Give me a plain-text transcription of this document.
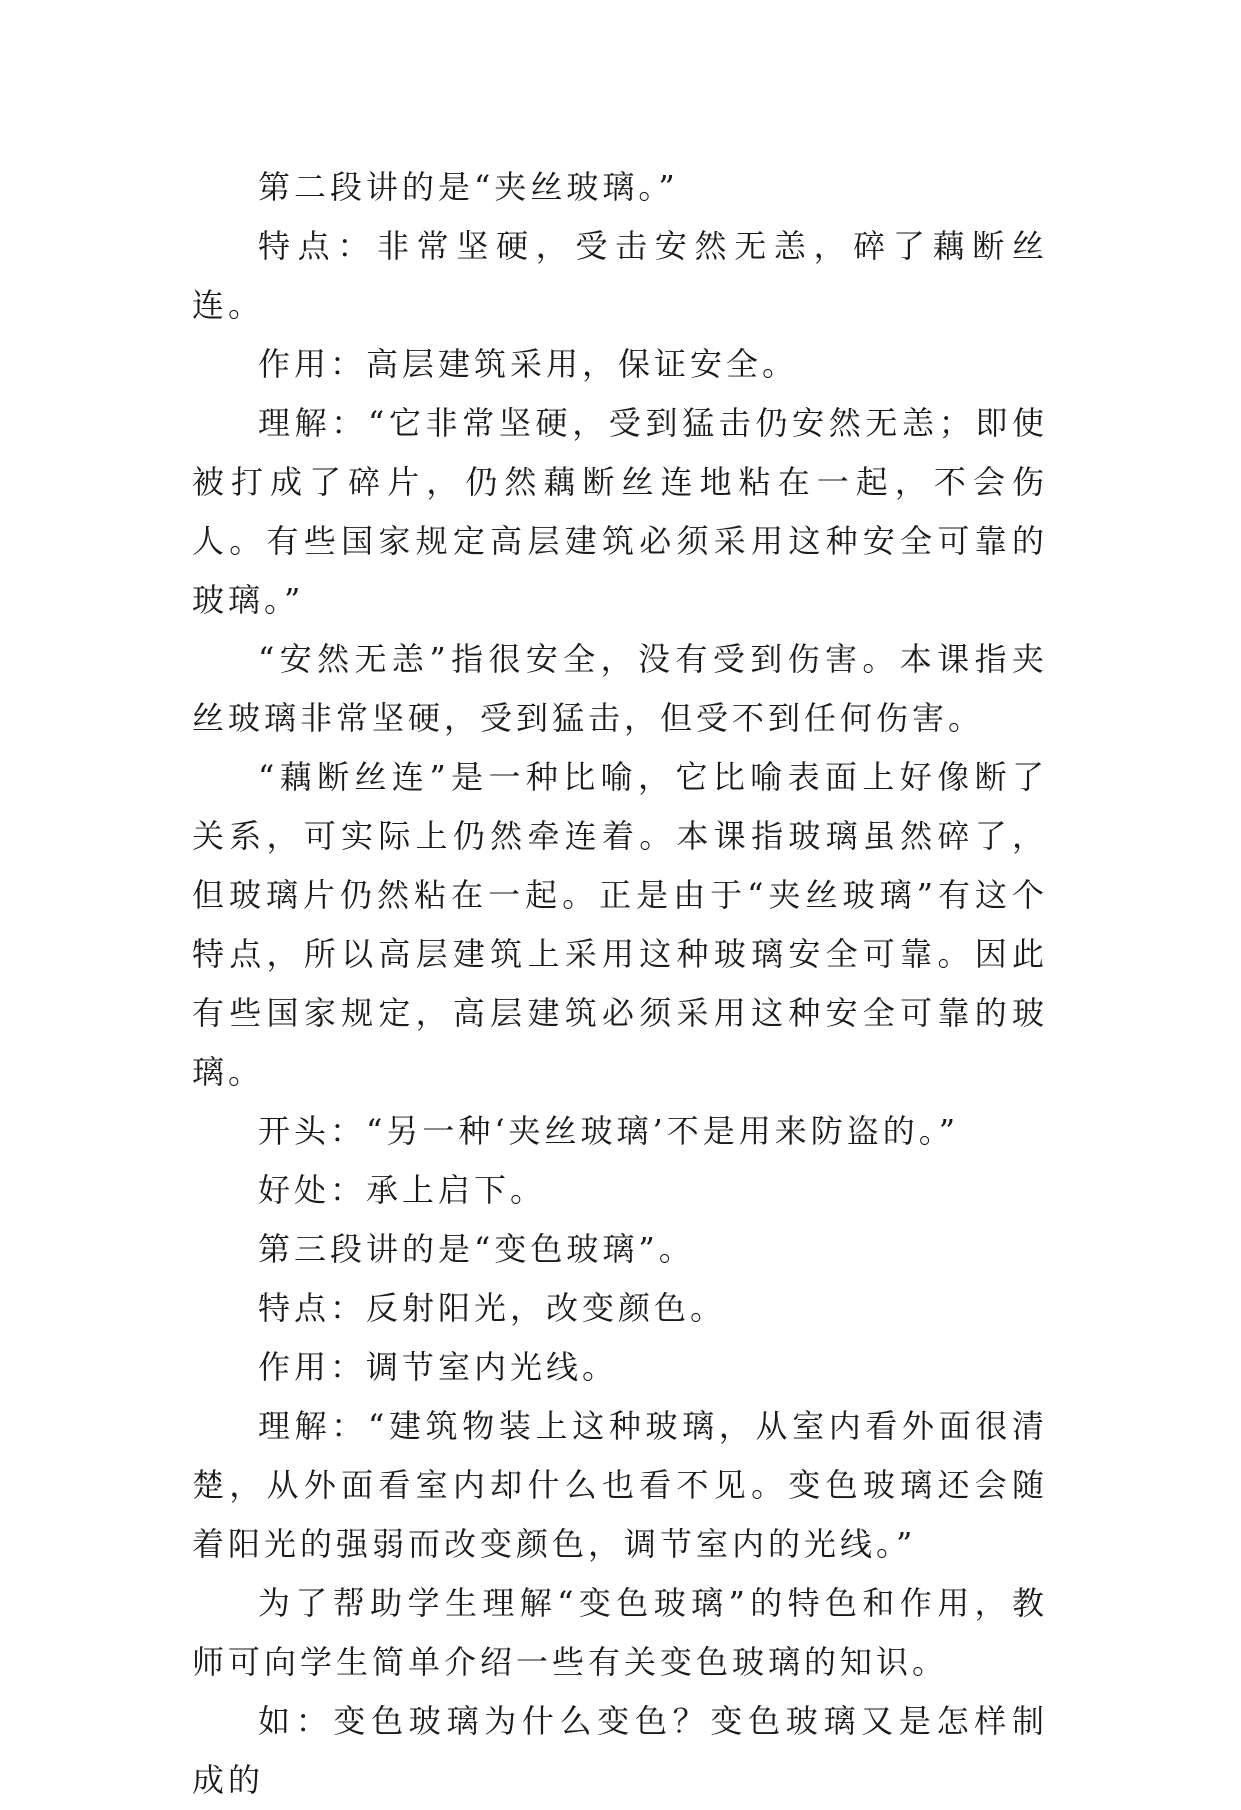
第二段讲的是“夹丝玻璃。”

特点：非常坚硬，受击安然无恙，碎了藕断丝连。

作用：高层建筑采用，保证安全。

理解：“它非常坚硬，受到猛击仍安然无恙；即使被打成了碎片，仍然藕断丝连地粘在一起，不会伤人。有些国家规定高层建筑必须采用这种安全可靠的玻璃。”

“安然无恙”指很安全，没有受到伤害。本课指夹丝玻璃非常坚硬，受到猛击，但受不到任何伤害。

“藕断丝连”是一种比喻，它比喻表面上好像断了关系，可实际上仍然牵连着。本课指玻璃虽然碎了，但玻璃片仍然粘在一起。正是由于“夹丝玻璃”有这个特点，所以高层建筑上采用这种玻璃安全可靠。因此有些国家规定，高层建筑必须采用这种安全可靠的玻璃。

开头：“另一种‘夹丝玻璃’不是用来防盗的。”

好处：承上启下。

第三段讲的是“变色玻璃”。

特点：反射阳光，改变颜色。

作用：调节室内光线。

理解：“建筑物装上这种玻璃，从室内看外面很清楚，从外面看室内却什么也看不见。变色玻璃还会随着阳光的强弱而改变颜色，调节室内的光线。”

为了帮助学生理解“变色玻璃”的特色和作用，教师可向学生简单介绍一些有关变色玻璃的知识。

如：变色玻璃为什么变色？变色玻璃又是怎样制成的
